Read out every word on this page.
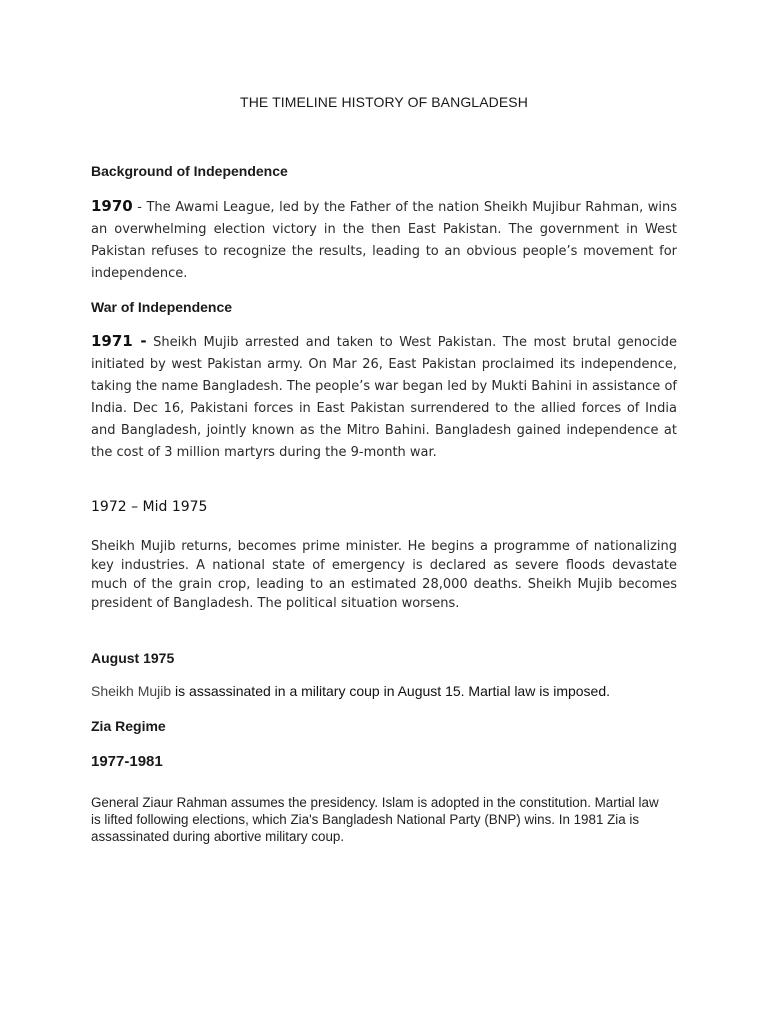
THE TIMELINE HISTORY OF BANGLADESH
Background of Independence

1970 - The Awami League, led by the Father of the nation Sheikh Mujibur Rahman, wins an overwhelming election victory in the then East Pakistan. The government in West Pakistan refuses to recognize the results, leading to an obvious people’s movement for independence.

War of Independence

1971 - Sheikh Mujib arrested and taken to West Pakistan. The most brutal genocide initiated by west Pakistan army. On Mar 26, East Pakistan proclaimed its independence, taking the name Bangladesh. The people’s war began led by Mukti Bahini in assistance of India. Dec 16, Pakistani forces in East Pakistan surrendered to the allied forces of India and Bangladesh, jointly known as the Mitro Bahini. Bangladesh gained independence at the cost of 3 million martyrs during the 9-month war.

1972 – Mid 1975

Sheikh Mujib returns, becomes prime minister. He begins a programme of nationalizing key industries. A national state of emergency is declared as severe floods devastate much of the grain crop, leading to an estimated 28,000 deaths. Sheikh Mujib becomes president of Bangladesh. The political situation worsens.

August 1975
Sheikh Mujib is assassinated in a military coup in August 15. Martial law is imposed.
Zia Regime
1977-1981

General Ziaur Rahman assumes the presidency. Islam is adopted in the constitution. Martial law is lifted following elections, which Zia's Bangladesh National Party (BNP) wins. In 1981 Zia is assassinated during abortive military coup.
